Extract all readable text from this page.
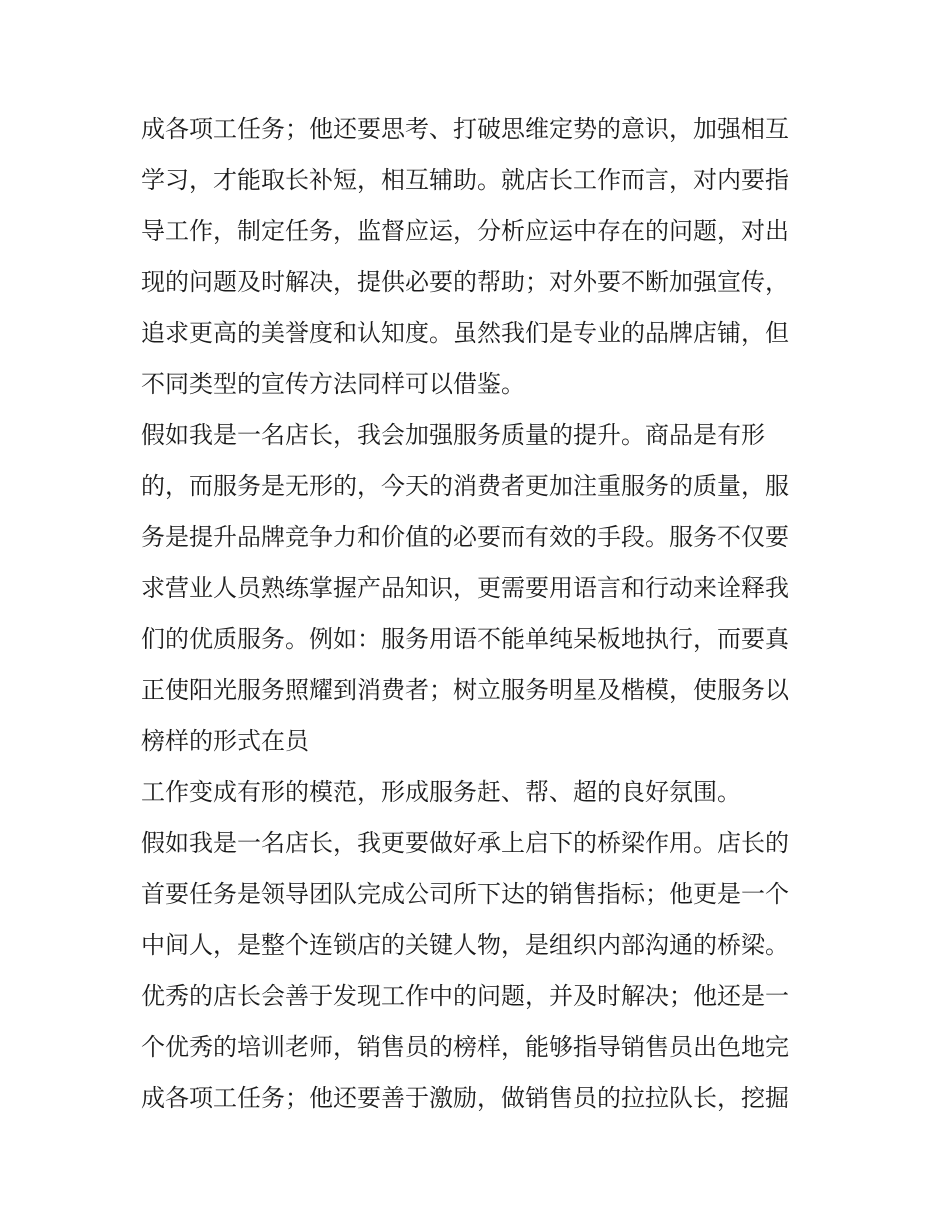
成各项工任务；他还要思考、打破思维定势的意识，加强相互
学习，才能取长补短，相互辅助。就店长工作而言，对内要指
导工作，制定任务，监督应运，分析应运中存在的问题，对出
现的问题及时解决，提供必要的帮助；对外要不断加强宣传，
追求更高的美誉度和认知度。虽然我们是专业的品牌店铺，但
不同类型的宣传方法同样可以借鉴。
假如我是一名店长，我会加强服务质量的提升。商品是有形
的，而服务是无形的，今天的消费者更加注重服务的质量，服
务是提升品牌竞争力和价值的必要而有效的手段。服务不仅要
求营业人员熟练掌握产品知识，更需要用语言和行动来诠释我
们的优质服务。例如：服务用语不能单纯呆板地执行，而要真
正使阳光服务照耀到消费者；树立服务明星及楷模，使服务以
榜样的形式在员
工作变成有形的模范，形成服务赶、帮、超的良好氛围。
假如我是一名店长，我更要做好承上启下的桥梁作用。店长的
首要任务是领导团队完成公司所下达的销售指标；他更是一个
中间人，是整个连锁店的关键人物，是组织内部沟通的桥梁。
优秀的店长会善于发现工作中的问题，并及时解决；他还是一
个优秀的培训老师，销售员的榜样，能够指导销售员出色地完
成各项工任务；他还要善于激励，做销售员的拉拉队长，挖掘
